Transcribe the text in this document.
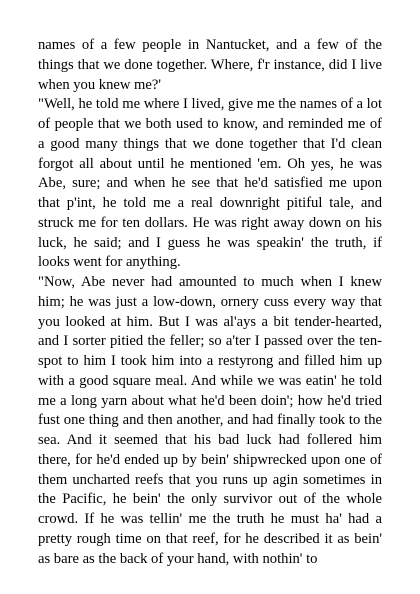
names of a few people in Nantucket, and a few of the things that we done together. Where, f'r instance, did I live when you knew me?'

"Well, he told me where I lived, give me the names of a lot of people that we both used to know, and reminded me of a good many things that we done together that I'd clean forgot all about until he mentioned 'em. Oh yes, he was Abe, sure; and when he see that he'd satisfied me upon that p'int, he told me a real downright pitiful tale, and struck me for ten dollars. He was right away down on his luck, he said; and I guess he was speakin' the truth, if looks went for anything.

"Now, Abe never had amounted to much when I knew him; he was just a low-down, ornery cuss every way that you looked at him. But I was al'ays a bit tender-hearted, and I sorter pitied the feller; so a'ter I passed over the ten-spot to him I took him into a restyrong and filled him up with a good square meal. And while we was eatin' he told me a long yarn about what he'd been doin'; how he'd tried fust one thing and then another, and had finally took to the sea. And it seemed that his bad luck had follered him there, for he'd ended up by bein' shipwrecked upon one of them uncharted reefs that you runs up agin sometimes in the Pacific, he bein' the only survivor out of the whole crowd. If he was tellin' me the truth he must ha' had a pretty rough time on that reef, for he described it as bein' as bare as the back of your hand, with nothin' to
